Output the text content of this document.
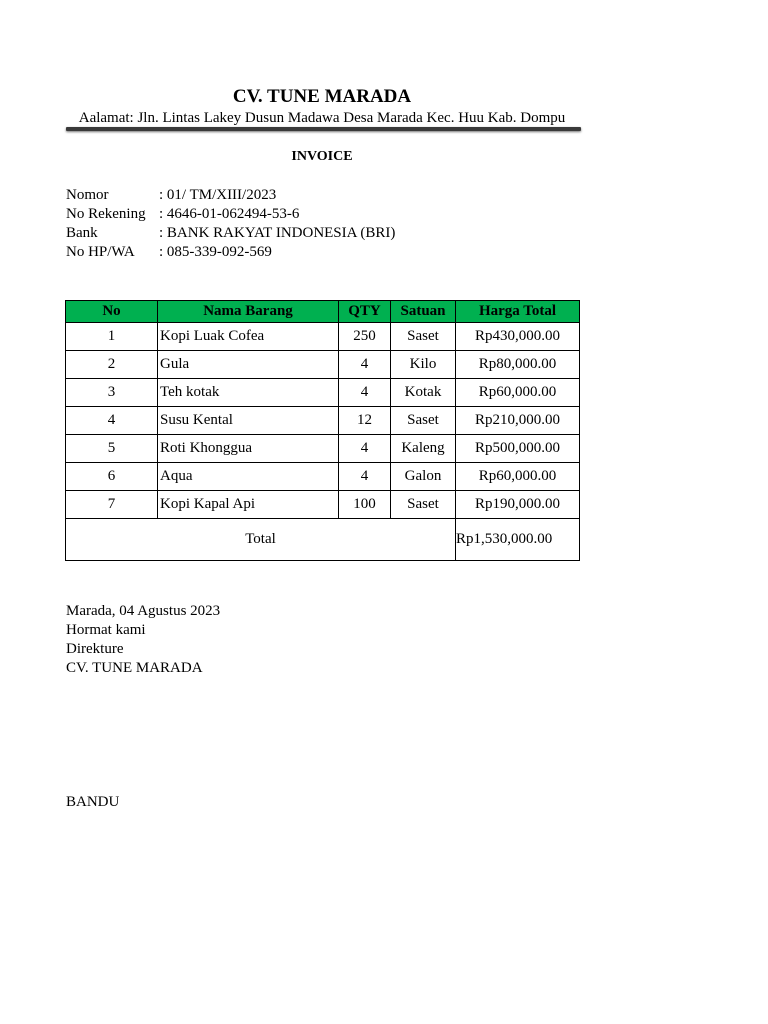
CV. TUNE MARADA
Aalamat: Jln. Lintas Lakey Dusun Madawa Desa Marada Kec. Huu Kab. Dompu
INVOICE
Nomor	: 01/ TM/XIII/2023
No Rekening : 4646-01-062494-53-6
Bank	: BANK RAKYAT INDONESIA (BRI)
No HP/WA	: 085-339-092-569
No	Nama Barang	QTY	Satuan	Harga Total
1	Kopi Luak Cofea	250	Saset	Rp430,000.00
2	Gula	4	Kilo	Rp80,000.00
3	Teh kotak	4	Kotak	Rp60,000.00
4	Susu Kental	12	Saset	Rp210,000.00
5	Roti Khonggua	4	Kaleng	Rp500,000.00
6	Aqua	4	Galon	Rp60,000.00
7	Kopi Kapal Api	100	Saset	Rp190,000.00
Total				Rp1,530,000.00
Marada, 04 Agustus 2023
Hormat kami
Direkture
CV. TUNE MARADA
BANDU
